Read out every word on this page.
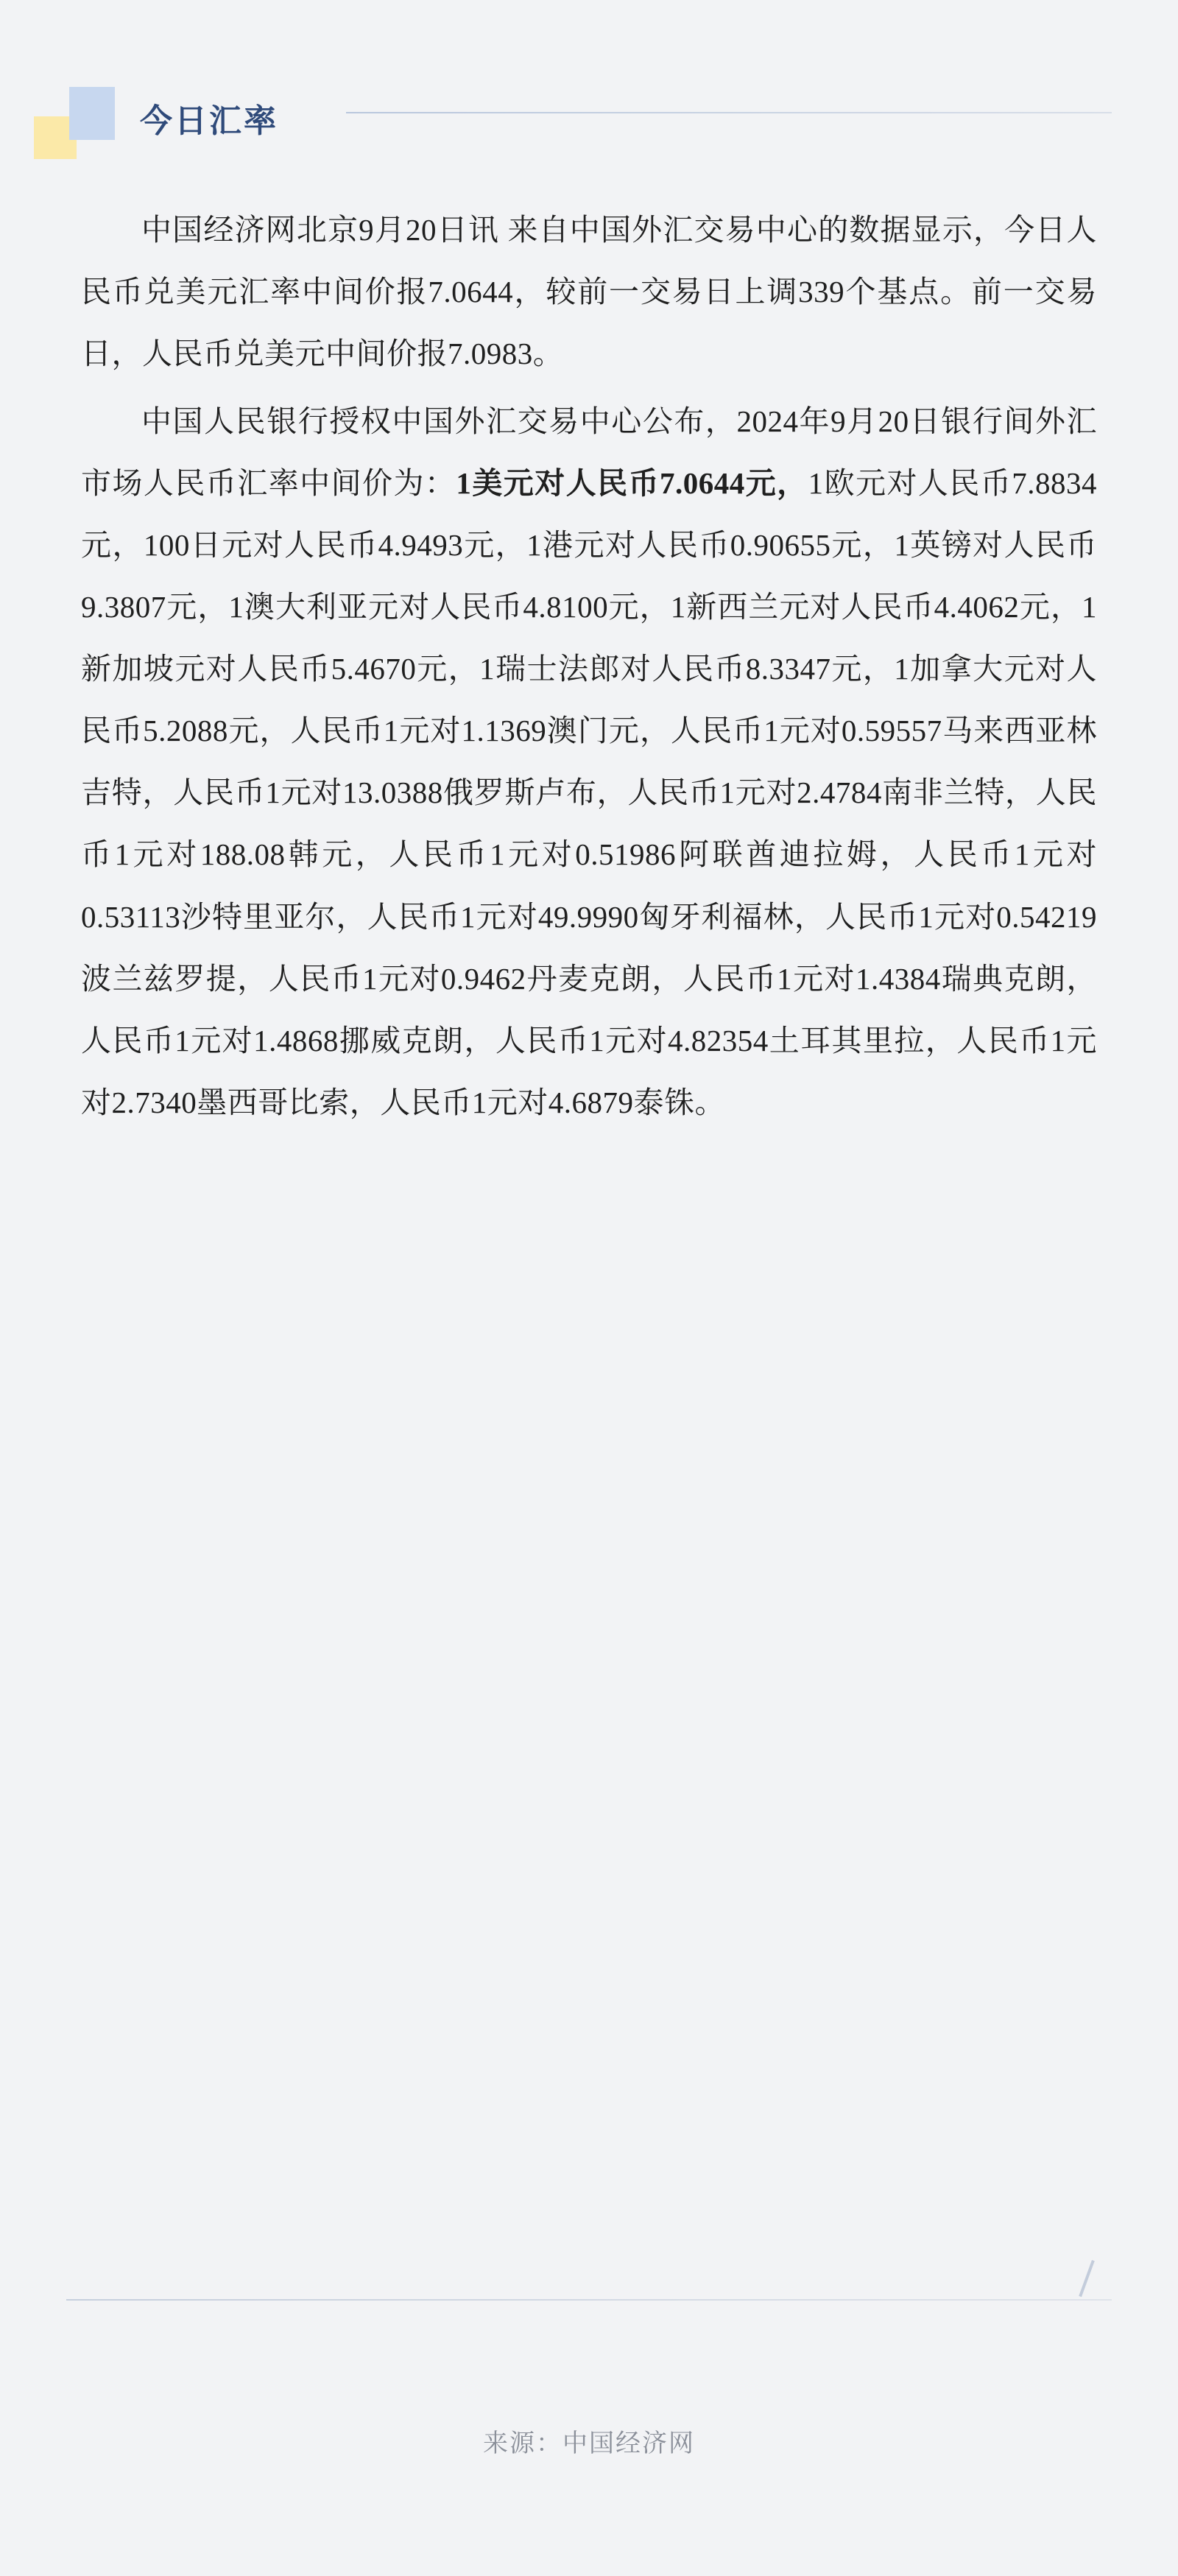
今日汇率

中国经济网北京9月20日讯 来自中国外汇交易中心的数据显示，今日人民币兑美元汇率中间价报7.0644，较前一交易日上调339个基点。前一交易日，人民币兑美元中间价报7.0983。

中国人民银行授权中国外汇交易中心公布，2024年9月20日银行间外汇市场人民币汇率中间价为：1美元对人民币7.0644元，1欧元对人民币7.8834元，100日元对人民币4.9493元，1港元对人民币0.90655元，1英镑对人民币9.3807元，1澳大利亚元对人民币4.8100元，1新西兰元对人民币4.4062元，1新加坡元对人民币5.4670元，1瑞士法郎对人民币8.3347元，1加拿大元对人民币5.2088元，人民币1元对1.1369澳门元，人民币1元对0.59557马来西亚林吉特，人民币1元对13.0388俄罗斯卢布，人民币1元对2.4784南非兰特，人民币1元对188.08韩元，人民币1元对0.51986阿联酋迪拉姆，人民币1元对0.53113沙特里亚尔，人民币1元对49.9990匈牙利福林，人民币1元对0.54219波兰兹罗提，人民币1元对0.9462丹麦克朗，人民币1元对1.4384瑞典克朗，人民币1元对1.4868挪威克朗，人民币1元对4.82354土耳其里拉，人民币1元对2.7340墨西哥比索，人民币1元对4.6879泰铢。

来源：中国经济网
